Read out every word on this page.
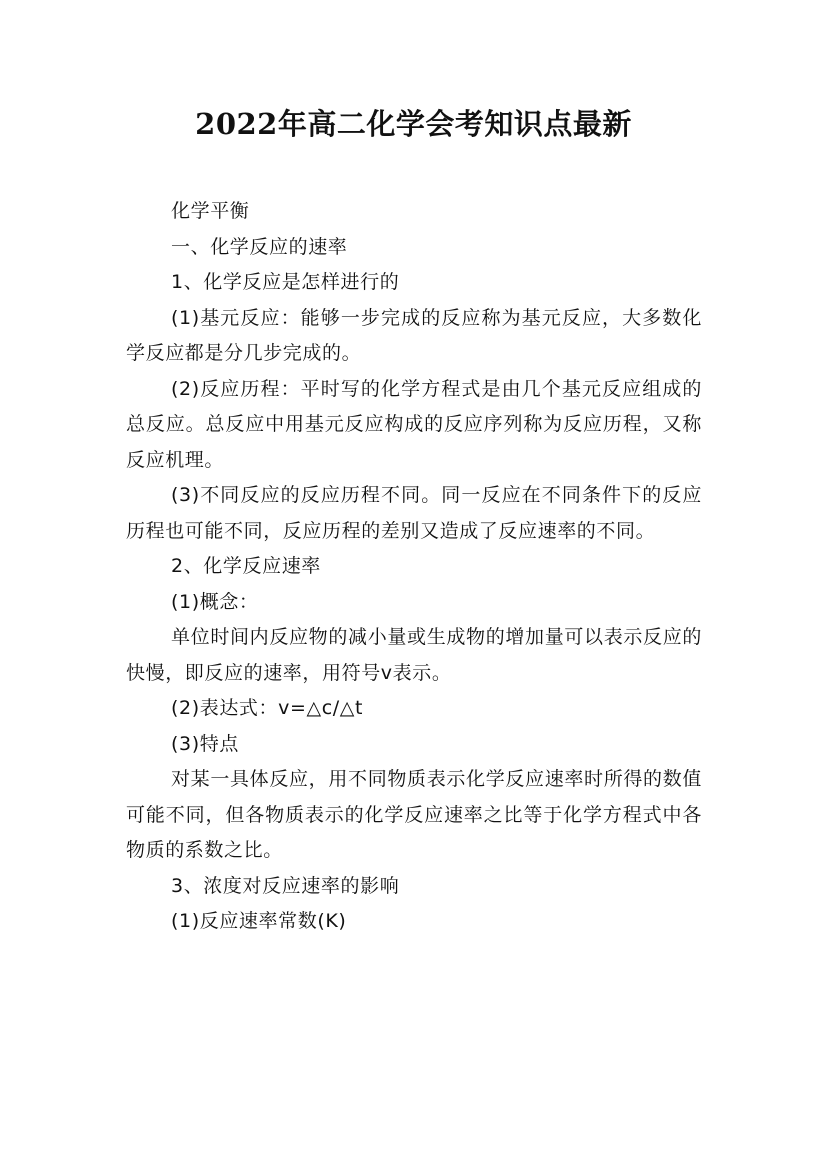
2022年高二化学会考知识点最新

化学平衡

一、化学反应的速率

1、化学反应是怎样进行的

(1)基元反应：能够一步完成的反应称为基元反应，大多数化学反应都是分几步完成的。

(2)反应历程：平时写的化学方程式是由几个基元反应组成的总反应。总反应中用基元反应构成的反应序列称为反应历程，又称反应机理。

(3)不同反应的反应历程不同。同一反应在不同条件下的反应历程也可能不同，反应历程的差别又造成了反应速率的不同。

2、化学反应速率

(1)概念：

单位时间内反应物的减小量或生成物的增加量可以表示反应的快慢，即反应的速率，用符号v表示。

(2)表达式：v=△c/△t

(3)特点

对某一具体反应，用不同物质表示化学反应速率时所得的数值可能不同，但各物质表示的化学反应速率之比等于化学方程式中各物质的系数之比。

3、浓度对反应速率的影响

(1)反应速率常数(K)
